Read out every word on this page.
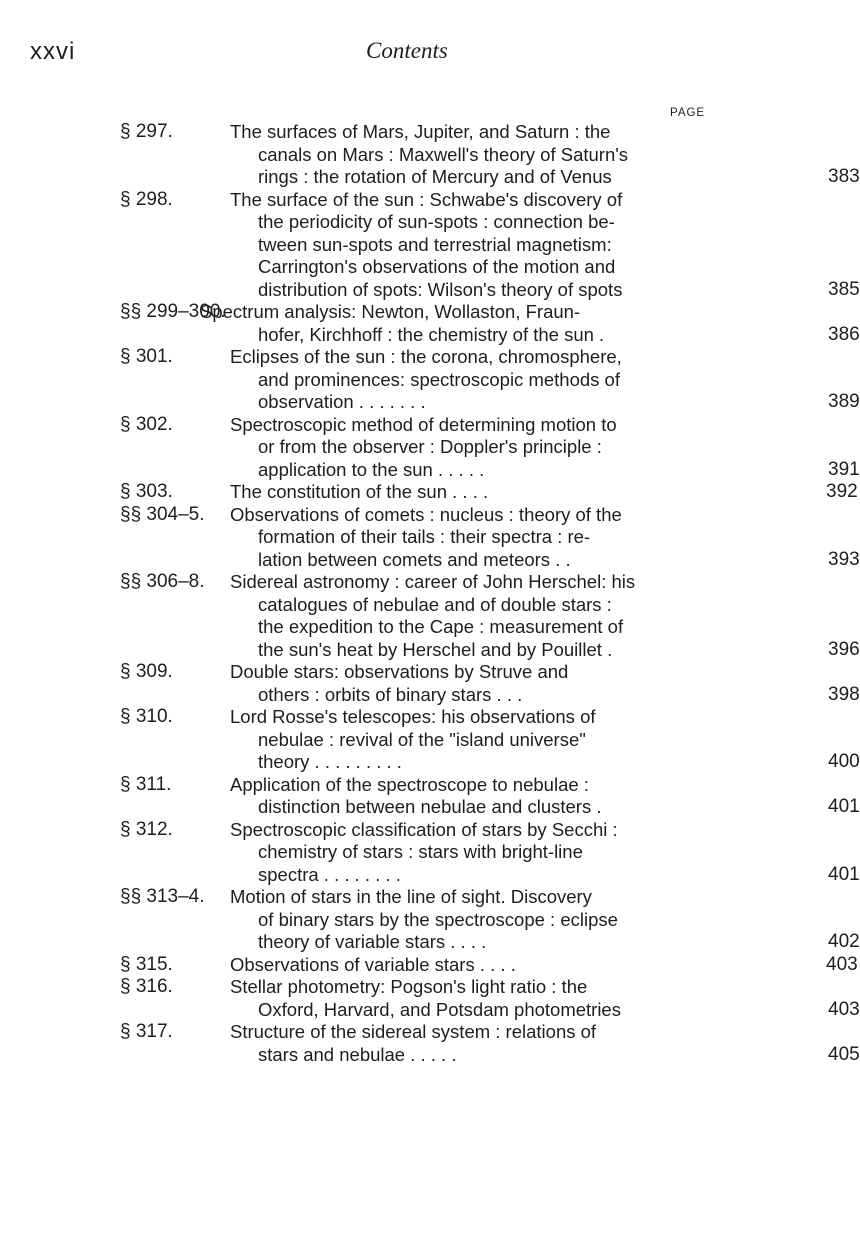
xxvi	Contents
PAGE
§ 297.	The surfaces of Mars, Jupiter, and Saturn : the
canals on Mars : Maxwell's theory of Saturn's
rings : the rotation of Mercury and of Venus	383
§ 298.	The surface of the sun : Schwabe's discovery of
the periodicity of sun-spots : connection be-
tween sun-spots and terrestrial magnetism:
Carrington's observations of the motion and
distribution of spots: Wilson's theory of spots	385
§§ 299–300.
Spectrum analysis: Newton, Wollaston, Fraun-
hofer, Kirchhoff : the chemistry of the sun .	386
§ 301.	Eclipses of the sun : the corona, chromosphere,
and prominences: spectroscopic methods of
observation . . . . . . .	389
§ 302.	Spectroscopic method of determining motion to
or from the observer : Doppler's principle :
application to the sun . . . . .	391
§ 303.	The constitution of the sun . . . .	392
§§ 304–5. Observations of comets : nucleus : theory of the
formation of their tails : their spectra : re-
lation between comets and meteors . .	393
§§ 306–8. Sidereal astronomy : career of John Herschel: his
catalogues of nebulae and of double stars :
the expedition to the Cape : measurement of
the sun's heat by Herschel and by Pouillet .	396
§ 309.	Double stars: observations by Struve and
others : orbits of binary stars . . .	398
§ 310.	Lord Rosse's telescopes: his observations of
nebulae : revival of the "island universe"
theory . . . . . . . . .	400
§ 311.	Application of the spectroscope to nebulae :
distinction between nebulae and clusters .	401
§ 312.	Spectroscopic classification of stars by Secchi :
chemistry of stars : stars with bright-line
spectra . . . . . . . .	401
§§ 313–4. Motion of stars in the line of sight. Discovery
of binary stars by the spectroscope : eclipse
theory of variable stars . . . .	402
§ 315.	Observations of variable stars . . . .	403
§ 316.	Stellar photometry: Pogson's light ratio : the
Oxford, Harvard, and Potsdam photometries	403
§ 317.	Structure of the sidereal system : relations of
stars and nebulae . . . . .	405
